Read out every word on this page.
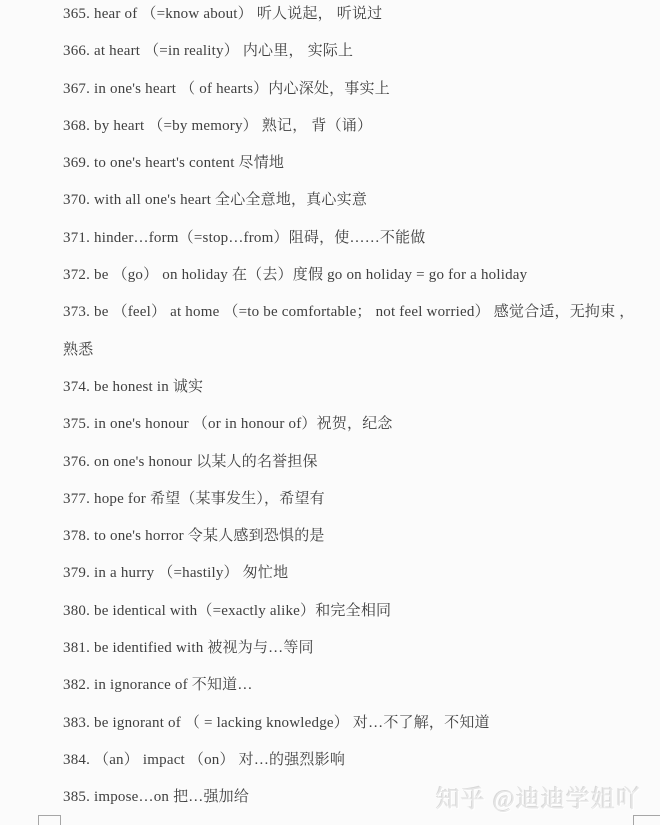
365. hear of （=know about） 听人说起， 听说过

366. at heart （=in reality） 内心里， 实际上

367. in one's heart （ of hearts）内心深处，事实上

368. by heart （=by memory） 熟记， 背（诵）

369. to one's heart's content 尽情地

370. with all one's heart 全心全意地，真心实意

371. hinder…form（=stop…from）阻碍，使……不能做

372. be （go） on holiday 在（去）度假 go on holiday = go for a holiday

373. be （feel） at home （=to be comfortable； not feel worried） 感觉合适，无拘束 ，熟悉

374. be honest in 诚实

375. in one's honour （or in honour of）祝贺，纪念

376. on one's honour 以某人的名誉担保

377. hope for 希望（某事发生），希望有

378. to one's horror 令某人感到恐惧的是

379. in a hurry （=hastily） 匆忙地

380. be identical with（=exactly alike）和完全相同

381. be identified with 被视为与…等同

382. in ignorance of 不知道…

383. be ignorant of （ = lacking knowledge） 对…不了解，不知道

384. （an） impact （on） 对…的强烈影响

385. impose…on 把…强加给	知乎 @迪迪学姐吖
